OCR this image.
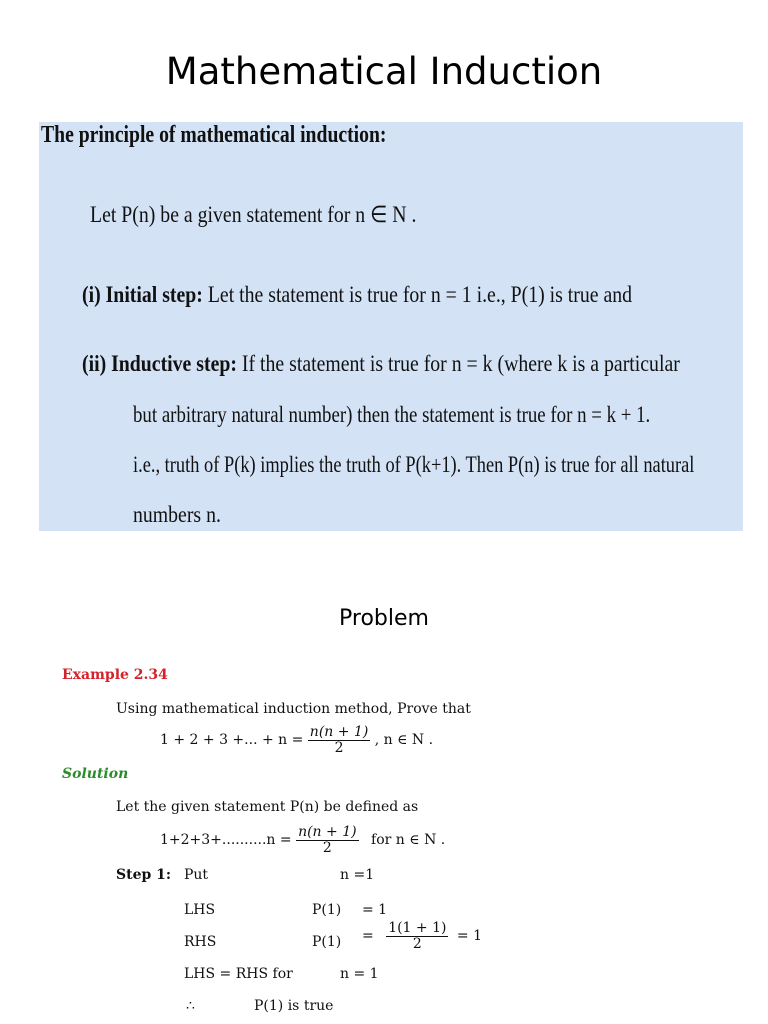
Mathematical Induction
The principle of mathematical induction:
Let P(n) be a given statement for n ∈ N .
(i) Initial step: Let the statement is true for n = 1 i.e., P(1) is true and
(ii) Inductive step: If the statement is true for n = k (where k is a particular
but arbitrary natural number) then the statement is true for n = k + 1.
i.e., truth of P(k) implies the truth of P(k+1). Then P(n) is true for all natural
numbers n.
Problem
Example 2.34
Using mathematical induction method, Prove that
1 + 2 + 3 +... + $n = \frac{n(n + 1)}{2}$ , n ∈ N .
Solution
Let the given statement P(n) be defined as
$1+2+3+..........n = \frac{n(n + 1)}{2}$ for n ∈ N .
Step 1: Put	n =1
LHS	P(1) = 1
RHS	$P(1) = \frac{1(1 + 1)}{2} = 1$
LHS = RHS for	n = 1
∴	P(1) is true
